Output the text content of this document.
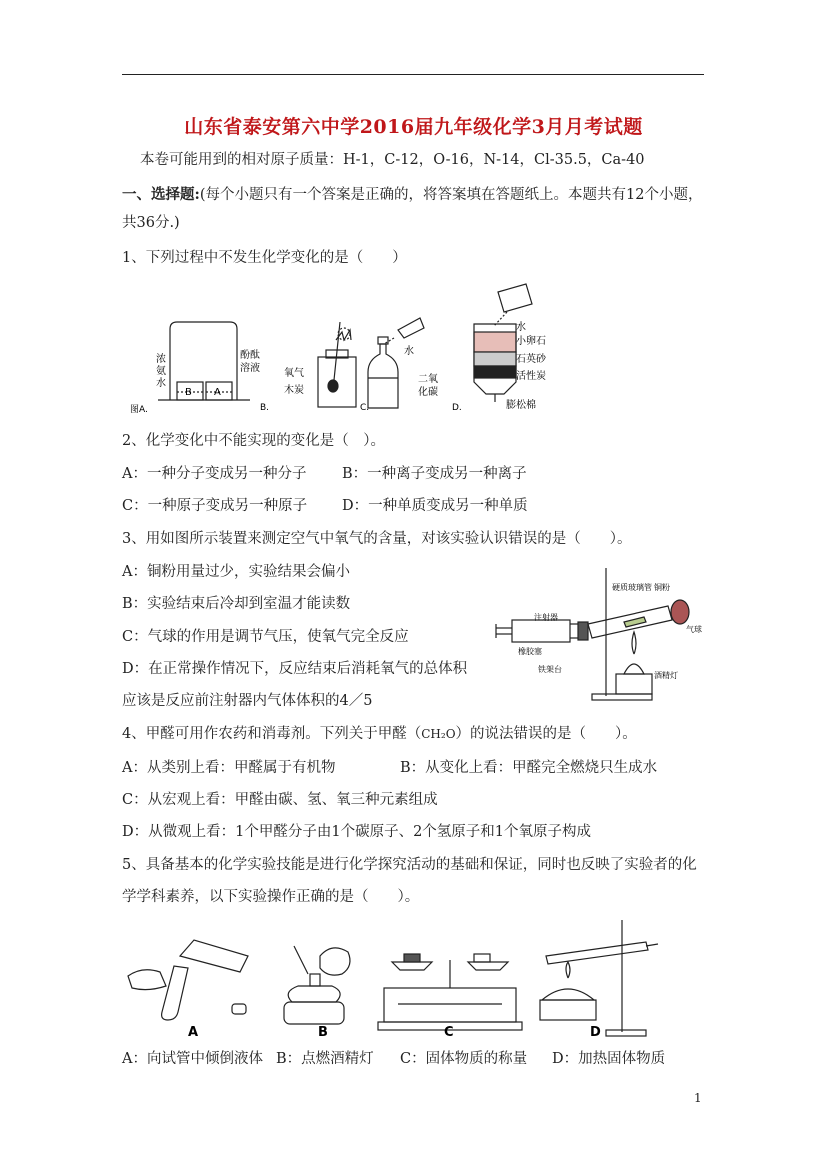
山东省泰安第六中学2016届九年级化学3月月考试题
本卷可能用到的相对原子质量：H-1，C-12，O-16，N-14，Cl-35.5，Ca-40
一、选择题:(每个小题只有一个答案是正确的，将答案填在答题纸上。本题共有12个小题，
共36分.)
1、下列过程中不发生化学变化的是（　　）
浓
氨
水
酚酞
溶液
B A
图A.	B.
氧气
木炭
C.
水
二氧
化碳
D.
水
小卵石
石英砂
活性炭
膨松棉
2、化学变化中不能实现的变化是（　）。
A：一种分子变成另一种分子 B：一种离子变成另一种离子
C：一种原子变成另一种原子 D：一种单质变成另一种单质
3、用如图所示装置来测定空气中氧气的含量，对该实验认识错误的是（　　）。
A：铜粉用量过少，实验结果会偏小
B：实验结束后冷却到室温才能读数
C：气球的作用是调节气压，使氧气完全反应
D：在正常操作情况下，反应结束后消耗氧气的总体积
应该是反应前注射器内气体体积的4／5
注射器
硬质玻璃管 铜粉
气球
橡胶塞
铁架台
酒精灯
4、甲醛可用作农药和消毒剂。下列关于甲醛（CH₂O）的说法错误的是（　　）。
A：从类别上看：甲醛属于有机物	B：从变化上看：甲醛完全燃烧只生成水
C：从宏观上看：甲醛由碳、氢、氧三种元素组成
D：从微观上看：1个甲醛分子由1个碳原子、2个氢原子和1个氧原子构成
5、具备基本的化学实验技能是进行化学探究活动的基础和保证，同时也反映了实验者的化
学学科素养，以下实验操作正确的是（　　）。
A	B	C	D
A：向试管中倾倒液体 B：点燃酒精灯 C：固体物质的称量 D：加热固体物质
1
